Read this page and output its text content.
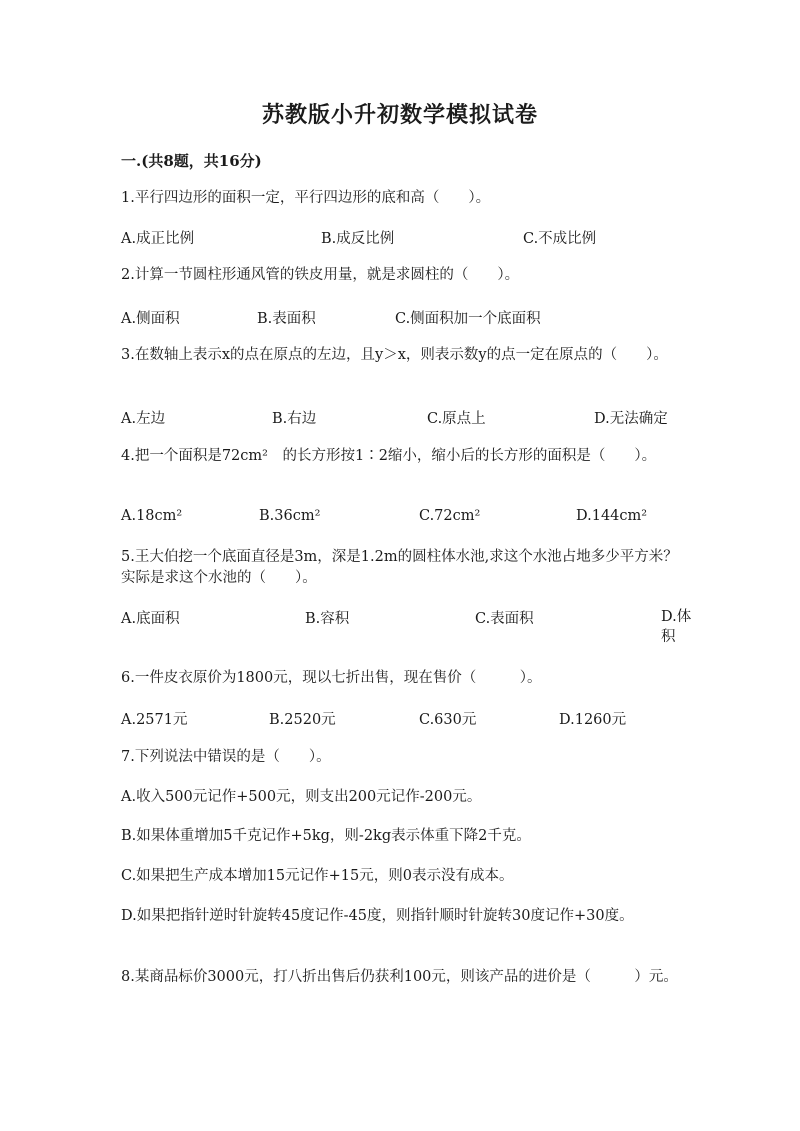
苏教版小升初数学模拟试卷
一.(共8题，共16分)
1.平行四边形的面积一定，平行四边形的底和高（　　）。
A.成正比例	B.成反比例	C.不成比例
2.计算一节圆柱形通风管的铁皮用量，就是求圆柱的（　　）。
A.侧面积	B.表面积	C.侧面积加一个底面积
3.在数轴上表示x的点在原点的左边，且y＞x，则表示数y的点一定在原点的（　　）。
A.左边	B.右边	C.原点上	D.无法确定
4.把一个面积是72cm²　的长方形按1∶2缩小，缩小后的长方形的面积是（　　）。
A.18cm²	B.36cm²	C.72cm²	D.144cm²
5.王大伯挖一个底面直径是3m，深是1.2m的圆柱体水池,求这个水池占地多少平方米？实际是求这个水池的（　　）。
A.底面积	B.容积	C.表面积	D.体积
6.一件皮衣原价为1800元，现以七折出售，现在售价（　　　）。
A.2571元	B.2520元	C.630元	D.1260元
7.下列说法中错误的是（　　）。
A.收入500元记作+500元，则支出200元记作-200元。
B.如果体重增加5千克记作+5kg，则-2kg表示体重下降2千克。
C.如果把生产成本增加15元记作+15元，则0表示没有成本。
D.如果把指针逆时针旋转45度记作-45度，则指针顺时针旋转30度记作+30度。
8.某商品标价3000元，打八折出售后仍获利100元，则该产品的进价是（　　　）元。
